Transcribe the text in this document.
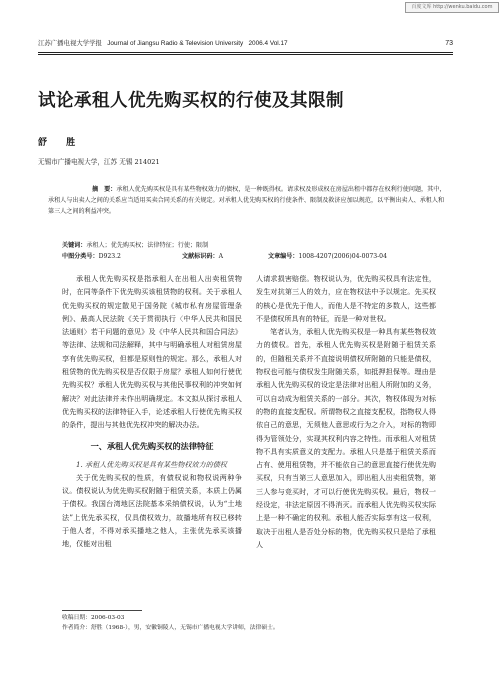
百度文库 http://wenku.baidu.com
江苏广播电视大学学报 Journal of Jiangsu Radio & Television University 2006.4 Vol.17	73
试论承租人优先购买权的行使及其限制
舒 胜
无锡市广播电视大学，江苏 无锡 214021

摘　要：承租人优先购买权是具有某些物权效力的债权，是一种既得权。请求权及形成权在房屋出租中都存在权利行使问题，其中，承租人与出卖人之间的关系应当适用买卖合同关系的有关规定。对承租人优先购买权的行使条件、限制及救济应加以规范，以平衡出卖人、承租人和第三人之间的利益冲突。

关键词：承租人；优先购买权；法律特征；行使；限制
中图分类号：D923.2	文献标识码：A	文章编号：1008-4207(2006)04-0073-04

承租人优先购买权是指承租人在出租人出卖租赁物时，在同等条件下优先购买该租赁物的权利。关于承租人优先购买权的规定散见于国务院《城市私有房屋管理条例》、最高人民法院《关于贯彻执行〈中华人民共和国民法通则〉若干问题的意见》及《中华人民共和国合同法》等法律、法规和司法解释，其中与明确承租人对租赁房屋享有优先购买权，但都是原则性的规定。那么，承租人对租赁物的优先购买权是否仅限于房屋？承租人如何行使优先购买权？承租人优先购买权与其他民事权利的冲突如何解决？对此法律并未作出明确规定。本文拟从探讨承租人优先购买权的法律特征入手，论述承租人行使优先购买权的条件，提出与其他优先权冲突的解决办法。

一、承租人优先购买权的法律特征

1. 承租人优先购买权是具有某些物权效力的债权

关于优先购买权的性质，有债权说和物权说两种争议。债权说认为优先购买权附随于租赁关系，本质上仍属于债权。我国台湾地区法院基本采纳债权说，认为“土地法”上优先承买权，仅具债权效力，故播地所有权已移转于他人者，不得对承买播地之他人，主张优先承买该播地，仅能对出租

人请求损害赔偿。物权说认为，优先购买权具有法定性，发生对抗第三人的效力，应在物权法中予以规定。先买权的核心是优先于他人，而他人是不特定的多数人，这些都不是债权所具有的特征，而是一种对世权。

笔者认为，承租人优先购买权是一种具有某些物权效力的债权。首先，承租人优先购买权是附随于租赁关系的，但随租关系并不直接说明债权所附随的只能是债权，物权也可能与债权发生附随关系，如抵押担保等。理由是承租人优先购买权的设定是法律对出租人所附加的义务，可以自动成为租赁关系的一部分。其次，物权体现为对标的物的直接支配权。所谓物权之直接支配权，指物权人得依自己的意思，无须他人意思或行为之介入，对标的物即得为管领处分，实现其权利内容之特性。而承租人对租赁物不具有实质意义的支配力。承租人只是基于租赁关系而占有、使用租赁物，并不能依自己的意思直接行使优先购买权，只有当第三人意思加入，即出租人出卖租赁物，第三人参与竞买时，才可以行使优先购买权。最后，物权一经设定，非法定原因不得消灭。而承租人优先购买权实际上是一种不确定的权利。承租人能否实际享有这一权利，取决于出租人是否处分标的物，优先购买权只是给了承租人

收稿日期：2006-03-03
作者简介：舒胜（1968-），男，安徽铜陵人，无锡市广播电视大学讲师，法律硕士。
